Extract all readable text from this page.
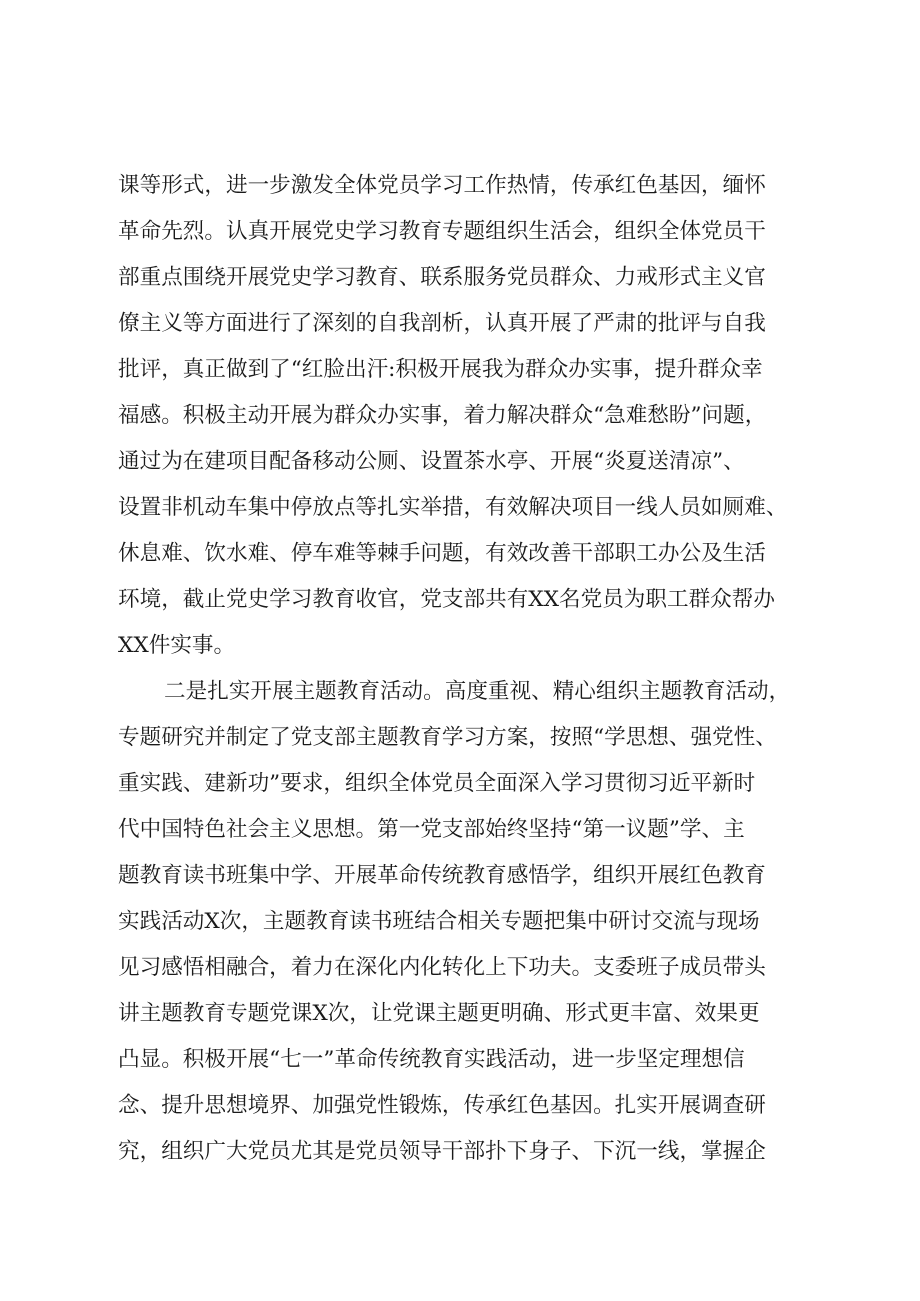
课等形式，进一步激发全体党员学习工作热情，传承红色基因，缅怀

革命先烈。认真开展党史学习教育专题组织生活会，组织全体党员干

部重点围绕开展党史学习教育、联系服务党员群众、力戒形式主义官

僚主义等方面进行了深刻的自我剖析，认真开展了严肃的批评与自我

批评，真正做到了“红脸出汗:积极开展我为群众办实事，提升群众幸

福感。积极主动开展为群众办实事，着力解决群众“急难愁盼”问题，

通过为在建项目配备移动公厕、设置茶水亭、开展“炎夏送清凉”、

设置非机动车集中停放点等扎实举措，有效解决项目一线人员如厕难、

休息难、饮水难、停车难等棘手问题，有效改善干部职工办公及生活

环境，截止党史学习教育收官，党支部共有XX名党员为职工群众帮办

XX件实事。

二是扎实开展主题教育活动。高度重视、精心组织主题教育活动，

专题研究并制定了党支部主题教育学习方案，按照“学思想、强党性、

重实践、建新功”要求，组织全体党员全面深入学习贯彻习近平新时

代中国特色社会主义思想。第一党支部始终坚持“第一议题”学、主

题教育读书班集中学、开展革命传统教育感悟学，组织开展红色教育

实践活动X次，主题教育读书班结合相关专题把集中研讨交流与现场

见习感悟相融合，着力在深化内化转化上下功夫。支委班子成员带头

讲主题教育专题党课X次，让党课主题更明确、形式更丰富、效果更

凸显。积极开展“七一”革命传统教育实践活动，进一步坚定理想信

念、提升思想境界、加强党性锻炼，传承红色基因。扎实开展调查研

究，组织广大党员尤其是党员领导干部扑下身子、下沉一线，掌握企
